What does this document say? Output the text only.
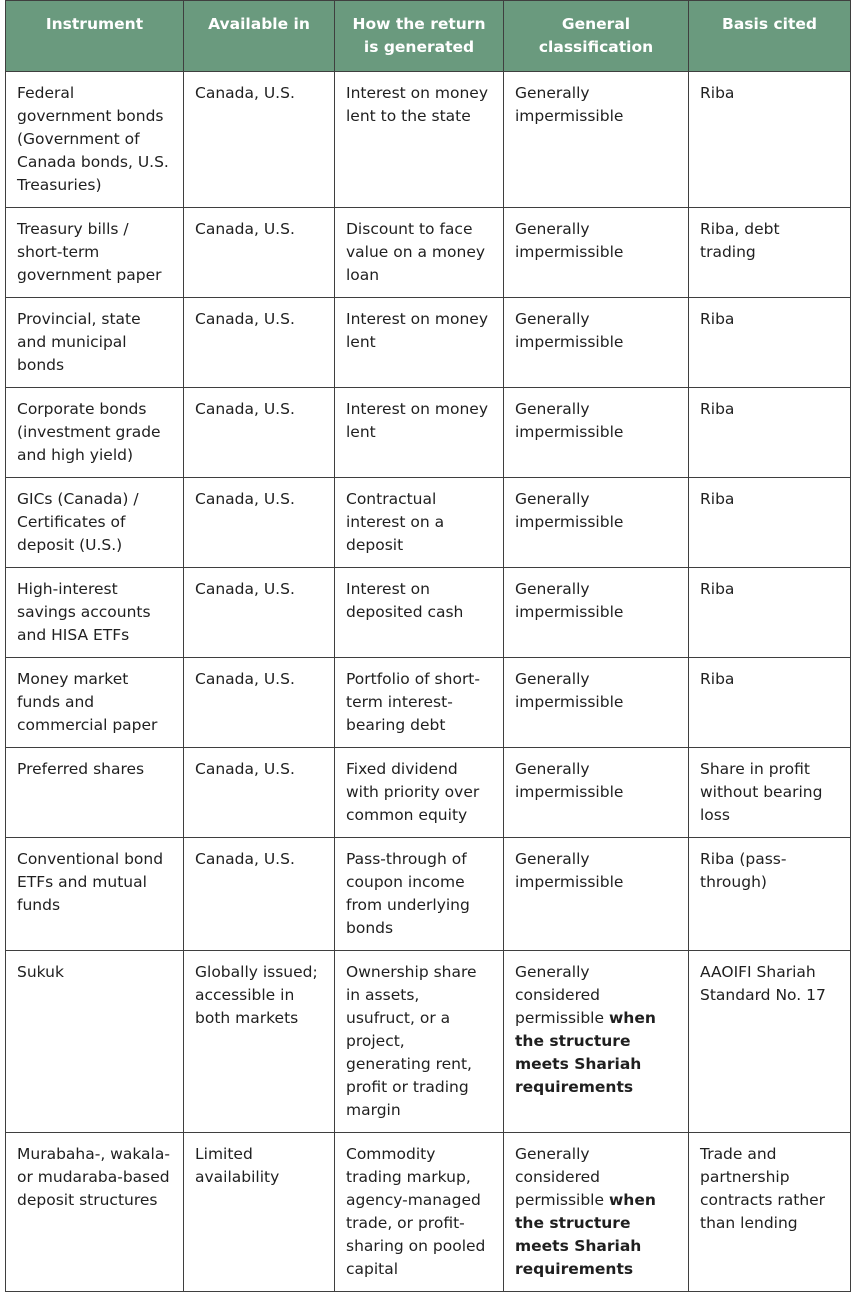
Instrument	Available in	How the return is generated	General classification	Basis cited
Federal government bonds (Government of Canada bonds, U.S. Treasuries)	Canada, U.S.	Interest on money lent to the state	Generally impermissible	Riba
Treasury bills / short-term government paper	Canada, U.S.	Discount to face value on a money loan	Generally impermissible	Riba, debt trading
Provincial, state and municipal bonds	Canada, U.S.	Interest on money lent	Generally impermissible	Riba
Corporate bonds (investment grade and high yield)	Canada, U.S.	Interest on money lent	Generally impermissible	Riba
GICs (Canada) / Certificates of deposit (U.S.)	Canada, U.S.	Contractual interest on a deposit	Generally impermissible	Riba
High-interest savings accounts and HISA ETFs	Canada, U.S.	Interest on deposited cash	Generally impermissible	Riba
Money market funds and commercial paper	Canada, U.S.	Portfolio of short-term interest-bearing debt	Generally impermissible	Riba
Preferred shares	Canada, U.S.	Fixed dividend with priority over common equity	Generally impermissible	Share in profit without bearing loss
Conventional bond ETFs and mutual funds	Canada, U.S.	Pass-through of coupon income from underlying bonds	Generally impermissible	Riba (pass-through)
Sukuk	Globally issued; accessible in both markets	Ownership share in assets, usufruct, or a project, generating rent, profit or trading margin	Generally considered permissible when the structure meets Shariah requirements	AAOIFI Shariah Standard No. 17
Murabaha-, wakala- or mudaraba-based deposit structures	Limited availability	Commodity trading markup, agency-managed trade, or profit-sharing on pooled capital	Generally considered permissible when the structure meets Shariah requirements	Trade and partnership contracts rather than lending
